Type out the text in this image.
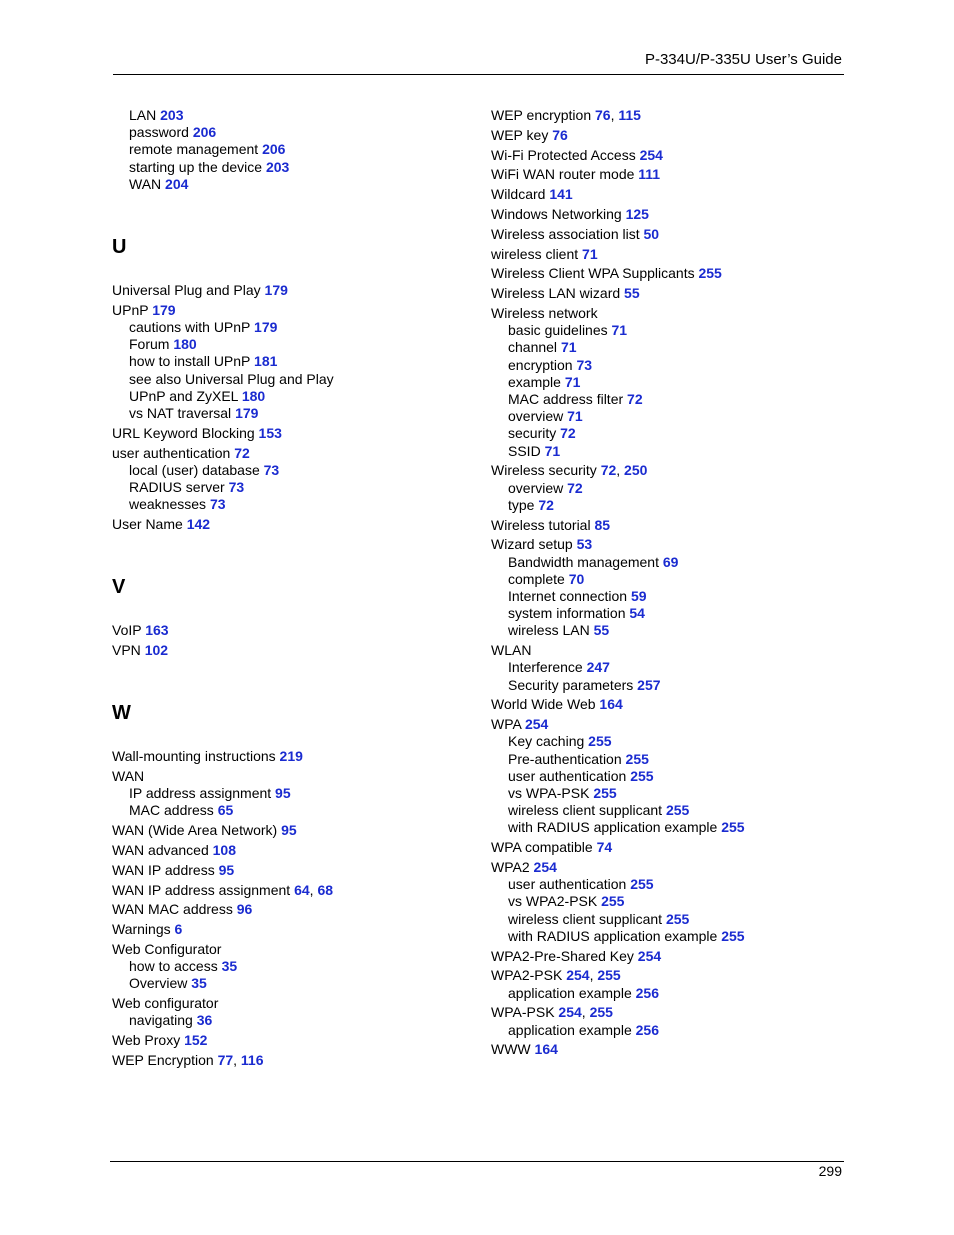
P-334U/P-335U User’s Guide
LAN 203
password 206
remote management 206
starting up the device 203
WAN 204
U
Universal Plug and Play 179
UPnP 179
cautions with UPnP 179
Forum 180
how to install UPnP 181
see also Universal Plug and Play
UPnP and ZyXEL 180
vs NAT traversal 179
URL Keyword Blocking 153
user authentication 72
local (user) database 73
RADIUS server 73
weaknesses 73
User Name 142
V
VoIP 163
VPN 102
W
Wall-mounting instructions 219
WAN
IP address assignment 95
MAC address 65
WAN (Wide Area Network) 95
WAN advanced 108
WAN IP address 95
WAN IP address assignment 64, 68
WAN MAC address 96
Warnings 6
Web Configurator
how to access 35
Overview 35
Web configurator
navigating 36
Web Proxy 152
WEP Encryption 77, 116
WEP encryption 76, 115
WEP key 76
Wi-Fi Protected Access 254
WiFi WAN router mode 111
Wildcard 141
Windows Networking 125
Wireless association list 50
wireless client 71
Wireless Client WPA Supplicants 255
Wireless LAN wizard 55
Wireless network
basic guidelines 71
channel 71
encryption 73
example 71
MAC address filter 72
overview 71
security 72
SSID 71
Wireless security 72, 250
overview 72
type 72
Wireless tutorial 85
Wizard setup 53
Bandwidth management 69
complete 70
Internet connection 59
system information 54
wireless LAN 55
WLAN
Interference 247
Security parameters 257
World Wide Web 164
WPA 254
Key caching 255
Pre-authentication 255
user authentication 255
vs WPA-PSK 255
wireless client supplicant 255
with RADIUS application example 255
WPA compatible 74
WPA2 254
user authentication 255
vs WPA2-PSK 255
wireless client supplicant 255
with RADIUS application example 255
WPA2-Pre-Shared Key 254
WPA2-PSK 254, 255
application example 256
WPA-PSK 254, 255
application example 256
WWW 164
299
